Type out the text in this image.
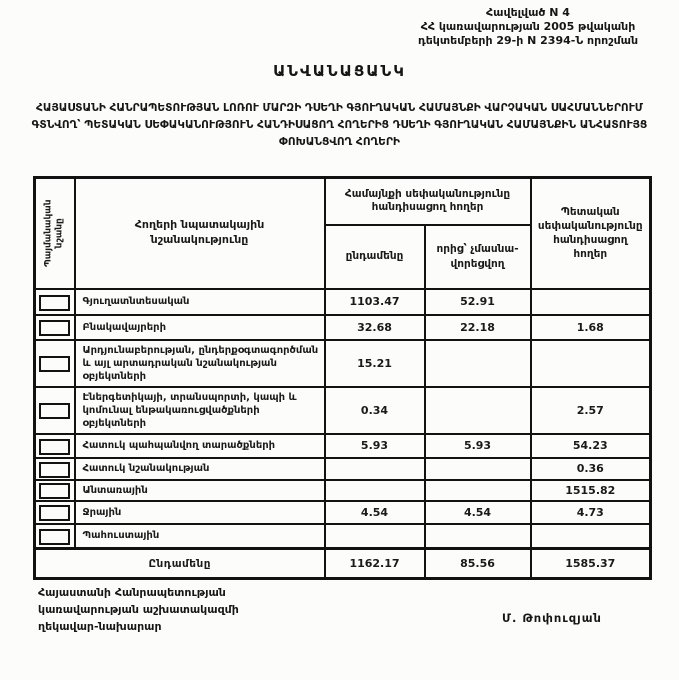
Հավելված N 4
ՀՀ կառավարության 2005 թվականի
դեկտեմբերի 29-ի N 2394-Ն որոշման
ԱՆՎԱՆԱՑԱՆԿ
ՀԱՅԱՍՏԱՆԻ ՀԱՆՐԱՊԵՏՈՒԹՅԱՆ ԼՈՌՈՒ ՄԱՐԶԻ ԴՍԵՂԻ ԳՅՈՒՂԱԿԱՆ ՀԱՄԱՅՆՔԻ ՎԱՐՉԱԿԱՆ ՍԱՀՄԱՆՆԵՐՈՒՄ ԳՏՆՎՈՂ՝ ՊԵՏԱԿԱՆ ՍԵՓԱԿԱՆՈՒԹՅՈՒՆ ՀԱՆԴԻՍԱՑՈՂ ՀՈՂԵՐԻՑ ԴՍԵՂԻ ԳՅՈՒՂԱԿԱՆ ՀԱՄԱՅՆՔԻՆ ԱՆՀԱՏՈՒՅՑ ՓՈԽԱՆՑՎՈՂ ՀՈՂԵՐԻ
Պայմանական նշանը	Հողերի նպատակային նշանակությունը	Համայնքի սեփականությունը հանդիսացող հողեր		Պետական սեփականությունը հանդիսացող հողեր
		ընդամենը	որից՝ չմասնա-վորեցվող	
	Գյուղատնտեսական	1103.47	52.91	
	Բնակավայրերի	32.68	22.18	1.68
	Արդյունաբերության, ընդերքօգտագործման և այլ արտադրական նշանակության օբյեկտների	15.21		
	Էներգետիկայի, տրանսպորտի, կապի և կոմունալ ենթակառուցվածքների օբյեկտների	0.34		2.57
	Հատուկ պահպանվող տարածքների	5.93	5.93	54.23
	Հատուկ նշանակության			0.36
	Անտառային			1515.82
	Ջրային	4.54	4.54	4.73
	Պահուստային			
Ընդամենը		1162.17	85.56	1585.37
Հայաստանի Հանրապետության
կառավարության աշխատակազմի
ղեկավար-նախարար
Մ. Թոփուզյան
